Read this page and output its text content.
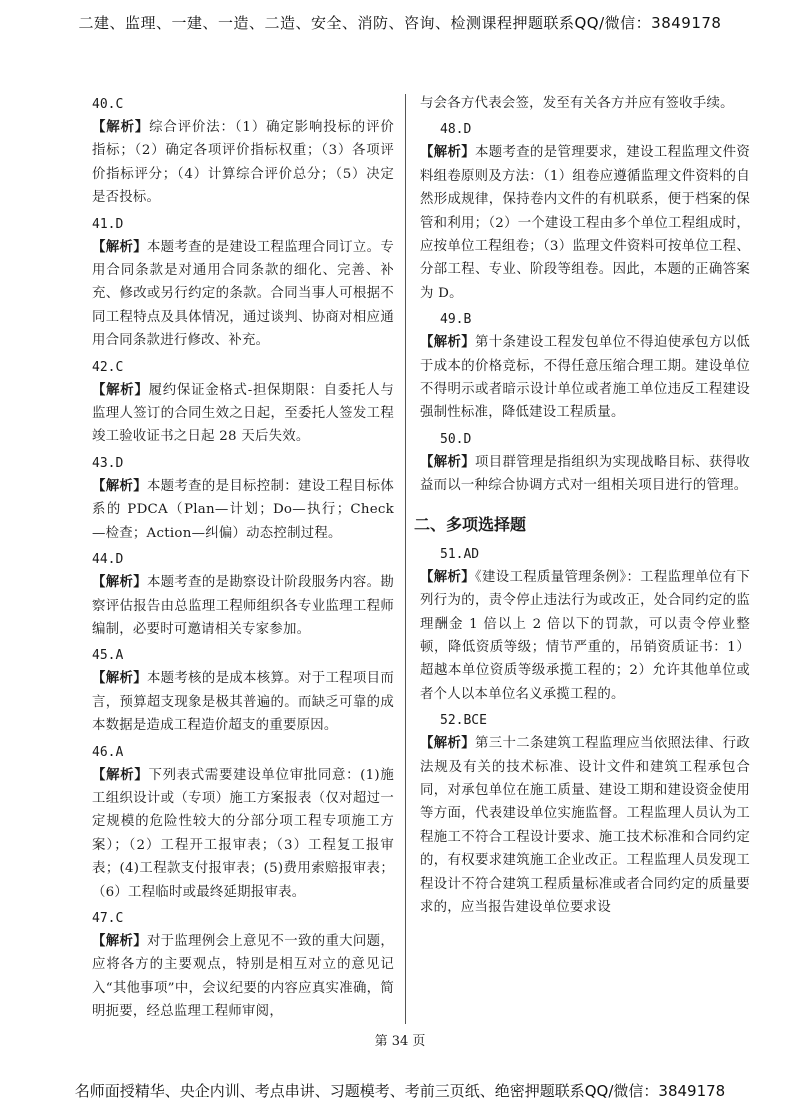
二建、监理、一建、一造、二造、安全、消防、咨询、检测课程押题联系QQ/微信：3849178
40.C
【解析】综合评价法：（1）确定影响投标的评价指标；（2）确定各项评价指标权重；（3）各项评价指标评分；（4）计算综合评价总分；（5）决定是否投标。
41.D
【解析】本题考查的是建设工程监理合同订立。专用合同条款是对通用合同条款的细化、完善、补充、修改或另行约定的条款。合同当事人可根据不同工程特点及具体情况，通过谈判、协商对相应通用合同条款进行修改、补充。
42.C
【解析】履约保证金格式-担保期限：自委托人与监理人签订的合同生效之日起，至委托人签发工程竣工验收证书之日起 28 天后失效。
43.D
【解析】本题考查的是目标控制：建设工程目标体系的 PDCA（Plan—计划；Do—执行；Check—检查；Action—纠偏）动态控制过程。
44.D
【解析】本题考查的是勘察设计阶段服务内容。勘察评估报告由总监理工程师组织各专业监理工程师编制，必要时可邀请相关专家参加。
45.A
【解析】本题考核的是成本核算。对于工程项目而言，预算超支现象是极其普遍的。而缺乏可靠的成本数据是造成工程造价超支的重要原因。
46.A
【解析】下列表式需要建设单位审批同意：(1)施工组织设计或（专项）施工方案报表（仅对超过一定规模的危险性较大的分部分项工程专项施工方案）；（2）工程开工报审表；（3）工程复工报审表；(4)工程款支付报审表；(5)费用索赔报审表；（6）工程临时或最终延期报审表。
47.C
【解析】对于监理例会上意见不一致的重大问题，应将各方的主要观点，特别是相互对立的意见记入“其他事项”中，会议纪要的内容应真实准确，简明扼要，经总监理工程师审阅，
与会各方代表会签，发至有关各方并应有签收手续。
48.D
【解析】本题考查的是管理要求，建设工程监理文件资料组卷原则及方法：（1）组卷应遵循监理文件资料的自然形成规律，保持卷内文件的有机联系，便于档案的保管和利用；（2）一个建设工程由多个单位工程组成时，应按单位工程组卷；（3）监理文件资料可按单位工程、分部工程、专业、阶段等组卷。因此，本题的正确答案为 D。
49.B
【解析】第十条建设工程发包单位不得迫使承包方以低于成本的价格竞标，不得任意压缩合理工期。建设单位不得明示或者暗示设计单位或者施工单位违反工程建设强制性标准，降低建设工程质量。
50.D
【解析】项目群管理是指组织为实现战略目标、获得收益而以一种综合协调方式对一组相关项目进行的管理。
二、多项选择题
51.AD
【解析】《建设工程质量管理条例》：工程监理单位有下列行为的，责令停止违法行为或改正，处合同约定的监理酬金 1 倍以上 2 倍以下的罚款，可以责令停业整顿，降低资质等级；情节严重的，吊销资质证书：1）超越本单位资质等级承揽工程的；2）允许其他单位或者个人以本单位名义承揽工程的。
52.BCE
【解析】第三十二条建筑工程监理应当依照法律、行政法规及有关的技术标准、设计文件和建筑工程承包合同，对承包单位在施工质量、建设工期和建设资金使用等方面，代表建设单位实施监督。工程监理人员认为工程施工不符合工程设计要求、施工技术标准和合同约定的，有权要求建筑施工企业改正。工程监理人员发现工程设计不符合建筑工程质量标准或者合同约定的质量要求的，应当报告建设单位要求设
第 34 页
名师面授精华、央企内训、考点串讲、习题模考、考前三页纸、绝密押题联系QQ/微信：3849178
